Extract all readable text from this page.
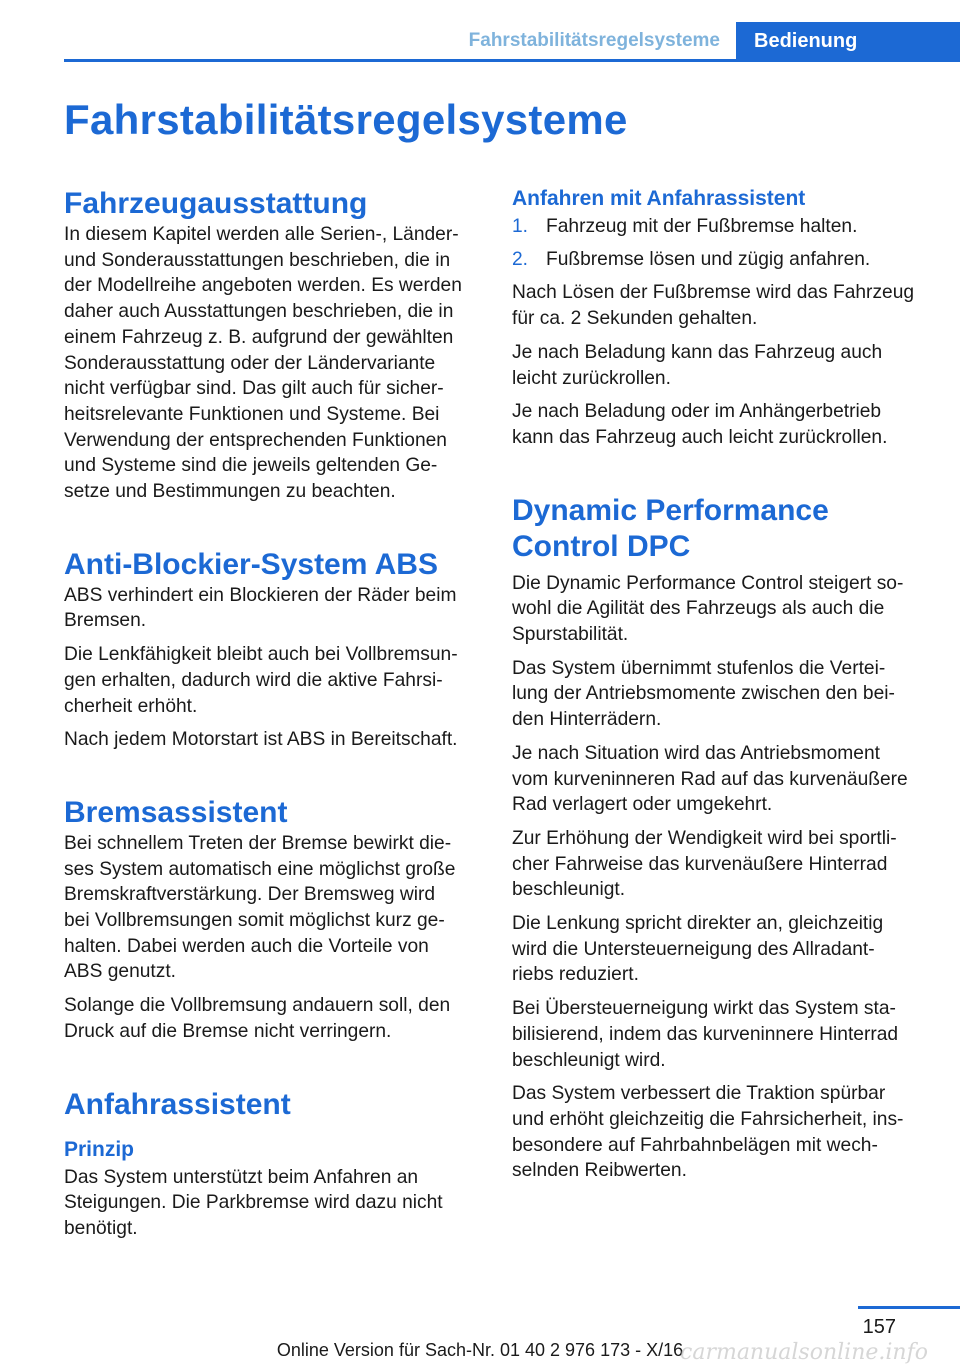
Fahrstabilitätsregelsysteme	Bedienung
Fahrstabilitätsregelsysteme
Fahrzeugausstattung

In diesem Kapitel werden alle Serien-, Länder-
und Sonderausstattungen beschrieben, die in
der Modellreihe angeboten werden. Es werden
daher auch Ausstattungen beschrieben, die in
einem Fahrzeug z. B. aufgrund der gewählten
Sonderausstattung oder der Ländervariante
nicht verfügbar sind. Das gilt auch für sicher-
heitsrelevante Funktionen und Systeme. Bei
Verwendung der entsprechenden Funktionen
und Systeme sind die jeweils geltenden Ge-
setze und Bestimmungen zu beachten.

Anti-Blockier-System ABS

ABS verhindert ein Blockieren der Räder beim
Bremsen.

Die Lenkfähigkeit bleibt auch bei Vollbremsun-
gen erhalten, dadurch wird die aktive Fahrsi-
cherheit erhöht.

Nach jedem Motorstart ist ABS in Bereitschaft.

Bremsassistent

Bei schnellem Treten der Bremse bewirkt die-
ses System automatisch eine möglichst große
Bremskraftverstärkung. Der Bremsweg wird
bei Vollbremsungen somit möglichst kurz ge-
halten. Dabei werden auch die Vorteile von
ABS genutzt.

Solange die Vollbremsung andauern soll, den
Druck auf die Bremse nicht verringern.

Anfahrassistent
Prinzip

Das System unterstützt beim Anfahren an
Steigungen. Die Parkbremse wird dazu nicht
benötigt.

Anfahren mit Anfahrassistent
1. Fahrzeug mit der Fußbremse halten.
2. Fußbremse lösen und zügig anfahren.

Nach Lösen der Fußbremse wird das Fahrzeug
für ca. 2 Sekunden gehalten.

Je nach Beladung kann das Fahrzeug auch
leicht zurückrollen.

Je nach Beladung oder im Anhängerbetrieb
kann das Fahrzeug auch leicht zurückrollen.

Dynamic Performance
Control DPC

Die Dynamic Performance Control steigert so-
wohl die Agilität des Fahrzeugs als auch die
Spurstabilität.

Das System übernimmt stufenlos die Vertei-
lung der Antriebsmomente zwischen den bei-
den Hinterrädern.

Je nach Situation wird das Antriebsmoment
vom kurveninneren Rad auf das kurvenäußere
Rad verlagert oder umgekehrt.

Zur Erhöhung der Wendigkeit wird bei sportli-
cher Fahrweise das kurvenäußere Hinterrad
beschleunigt.

Die Lenkung spricht direkter an, gleichzeitig
wird die Untersteuerneigung des Allradant-
riebs reduziert.

Bei Übersteuerneigung wirkt das System sta-
bilisierend, indem das kurveninnere Hinterrad
beschleunigt wird.

Das System verbessert die Traktion spürbar
und erhöht gleichzeitig die Fahrsicherheit, ins-
besondere auf Fahrbahnbelägen mit wech-
selnden Reibwerten.

157
Online Version für Sach-Nr. 01 40 2 976 173 - X/16
carmanualsonline.info
